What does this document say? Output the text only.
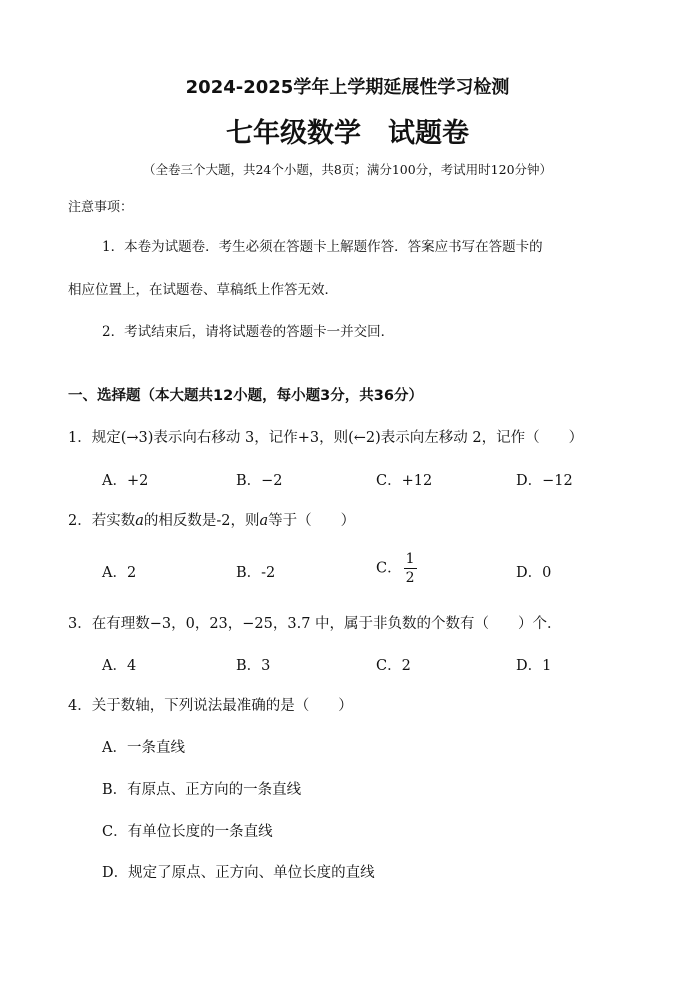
2024-2025学年上学期延展性学习检测
七年级数学　试题卷
（全卷三个大题，共24个小题，共8页；满分100分，考试用时120分钟）
注意事项：
1．本卷为试题卷．考生必须在答题卡上解题作答．答案应书写在答题卡的
相应位置上，在试题卷、草稿纸上作答无效．
2．考试结束后，请将试题卷的答题卡一并交回．
一、选择题（本大题共12小题，每小题3分，共36分）
1．规定(→3)表示向右移动 3，记作+3，则(←2)表示向左移动 2，记作（　　）
A．+2	B．−2	C．+12	D．−12
2．若实数a的相反数是-2，则a等于（　　）
A．2	B．-2	C． $\frac{1}{2}$	D．0
3．在有理数−3，0，23，−25，3.7 中，属于非负数的个数有（　　）个．
A．4	B．3	C．2	D．1
4．关于数轴，下列说法最准确的是（　　）
A．一条直线
B．有原点、正方向的一条直线
C．有单位长度的一条直线
D．规定了原点、正方向、单位长度的直线
